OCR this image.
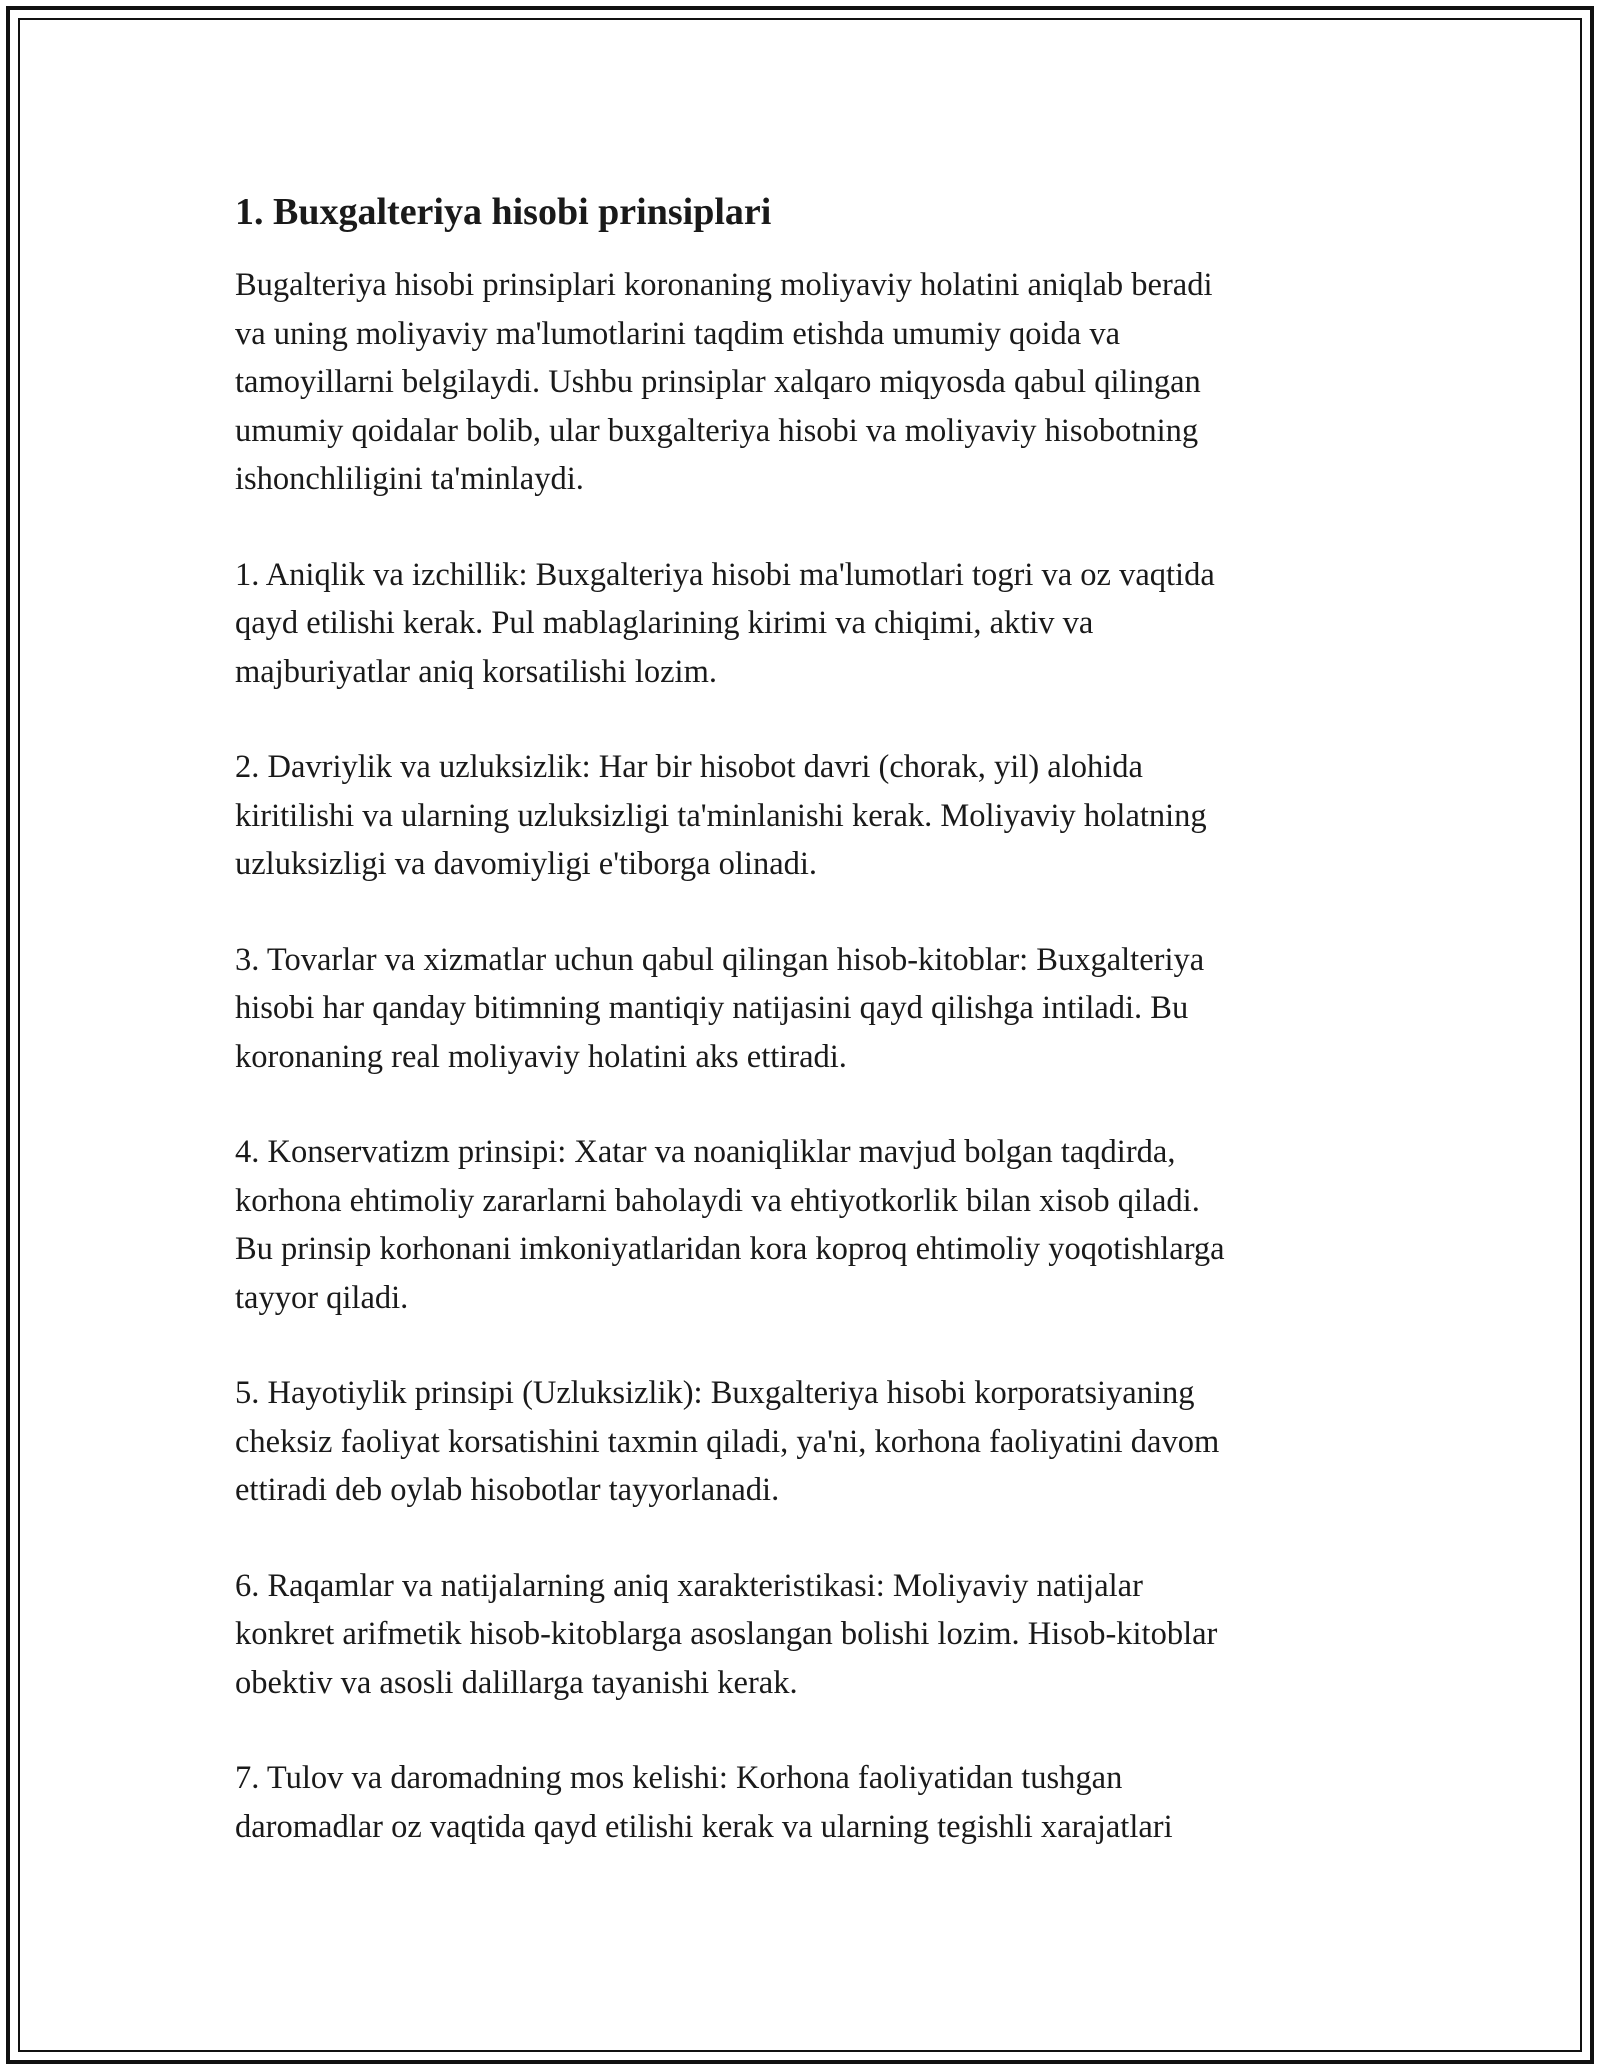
1. Buxgalteriya hisobi prinsiplari

Bugalteriya hisobi prinsiplari koronaning moliyaviy holatini aniqlab beradi
va uning moliyaviy ma'lumotlarini taqdim etishda umumiy qoida va
tamoyillarni belgilaydi. Ushbu prinsiplar xalqaro miqyosda qabul qilingan
umumiy qoidalar bolib, ular buxgalteriya hisobi va moliyaviy hisobotning
ishonchliligini ta'minlaydi.

1. Aniqlik va izchillik: Buxgalteriya hisobi ma'lumotlari togri va oz vaqtida
qayd etilishi kerak. Pul mablaglarining kirimi va chiqimi, aktiv va
majburiyatlar aniq korsatilishi lozim.

2. Davriylik va uzluksizlik: Har bir hisobot davri (chorak, yil) alohida
kiritilishi va ularning uzluksizligi ta'minlanishi kerak. Moliyaviy holatning
uzluksizligi va davomiyligi e'tiborga olinadi.

3. Tovarlar va xizmatlar uchun qabul qilingan hisob-kitoblar: Buxgalteriya
hisobi har qanday bitimning mantiqiy natijasini qayd qilishga intiladi. Bu
koronaning real moliyaviy holatini aks ettiradi.

4. Konservatizm prinsipi: Xatar va noaniqliklar mavjud bolgan taqdirda,
korhona ehtimoliy zararlarni baholaydi va ehtiyotkorlik bilan xisob qiladi.
Bu prinsip korhonani imkoniyatlaridan kora koproq ehtimoliy yoqotishlarga
tayyor qiladi.

5. Hayotiylik prinsipi (Uzluksizlik): Buxgalteriya hisobi korporatsiyaning
cheksiz faoliyat korsatishini taxmin qiladi, ya'ni, korhona faoliyatini davom
ettiradi deb oylab hisobotlar tayyorlanadi.

6. Raqamlar va natijalarning aniq xarakteristikasi: Moliyaviy natijalar
konkret arifmetik hisob-kitoblarga asoslangan bolishi lozim. Hisob-kitoblar
obektiv va asosli dalillarga tayanishi kerak.

7. Tulov va daromadning mos kelishi: Korhona faoliyatidan tushgan
daromadlar oz vaqtida qayd etilishi kerak va ularning tegishli xarajatlari
